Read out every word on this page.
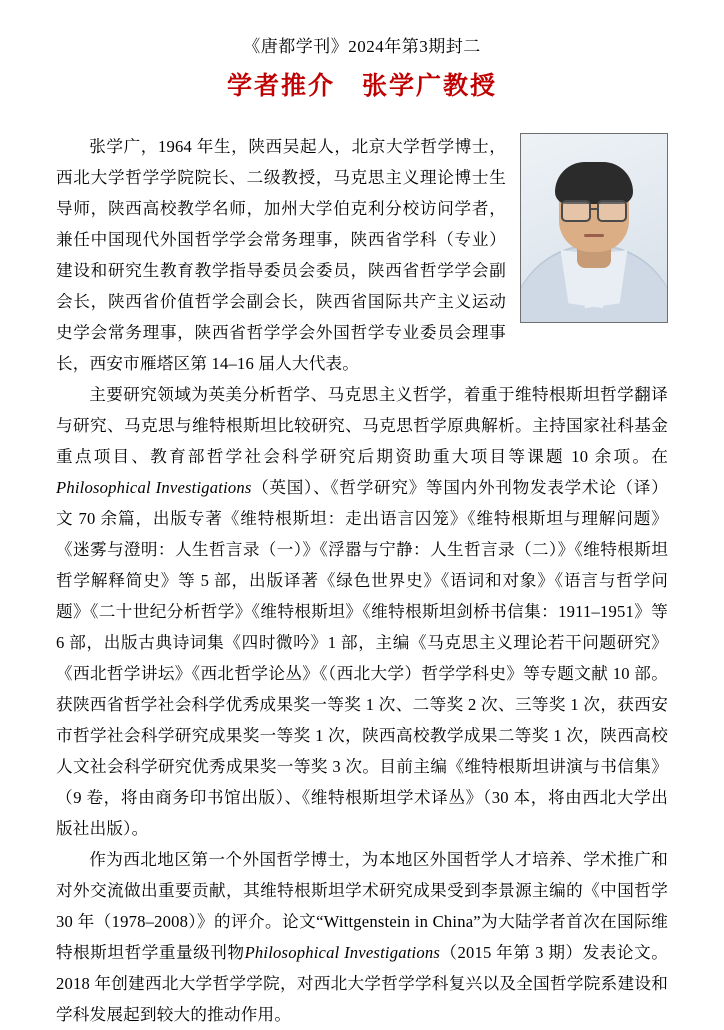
《唐都学刊》2024年第3期封二
学者推介　张学广教授

张学广，1964 年生，陕西吴起人，北京大学哲学博士，西北大学哲学学院院长、二级教授，马克思主义理论博士生导师，陕西高校教学名师，加州大学伯克利分校访问学者，兼任中国现代外国哲学学会常务理事，陕西省学科（专业）建设和研究生教育教学指导委员会委员，陕西省哲学学会副会长，陕西省价值哲学会副会长，陕西省国际共产主义运动史学会常务理事，陕西省哲学学会外国哲学专业委员会理事长，西安市雁塔区第 14–16 届人大代表。

主要研究领域为英美分析哲学、马克思主义哲学，着重于维特根斯坦哲学翻译与研究、马克思与维特根斯坦比较研究、马克思哲学原典解析。主持国家社科基金重点项目、教育部哲学社会科学研究后期资助重大项目等课题 10 余项。在Philosophical Investigations（英国）、《哲学研究》等国内外刊物发表学术论（译）文 70 余篇，出版专著《维特根斯坦：走出语言囚笼》《维特根斯坦与理解问题》《迷雾与澄明：人生哲言录（一）》《浮嚣与宁静：人生哲言录（二）》《维特根斯坦哲学解释简史》等 5 部，出版译著《绿色世界史》《语词和对象》《语言与哲学问题》《二十世纪分析哲学》《维特根斯坦》《维特根斯坦剑桥书信集：1911–1951》等 6 部，出版古典诗词集《四时微吟》1 部，主编《马克思主义理论若干问题研究》《西北哲学讲坛》《西北哲学论丛》《（西北大学）哲学学科史》等专题文献 10 部。获陕西省哲学社会科学优秀成果奖一等奖 1 次、二等奖 2 次、三等奖 1 次，获西安市哲学社会科学研究成果奖一等奖 1 次，陕西高校教学成果二等奖 1 次，陕西高校人文社会科学研究优秀成果奖一等奖 3 次。目前主编《维特根斯坦讲演与书信集》（9 卷，将由商务印书馆出版）、《维特根斯坦学术译丛》（30 本，将由西北大学出版社出版）。

作为西北地区第一个外国哲学博士，为本地区外国哲学人才培养、学术推广和对外交流做出重要贡献，其维特根斯坦学术研究成果受到李景源主编的《中国哲学 30 年（1978–2008）》的评介。论文“Wittgenstein in China”为大陆学者首次在国际维特根斯坦哲学重量级刊物Philosophical Investigations（2015 年第 3 期）发表论文。2018 年创建西北大学哲学学院，对西北大学哲学学科复兴以及全国哲学院系建设和学科发展起到较大的推动作用。
